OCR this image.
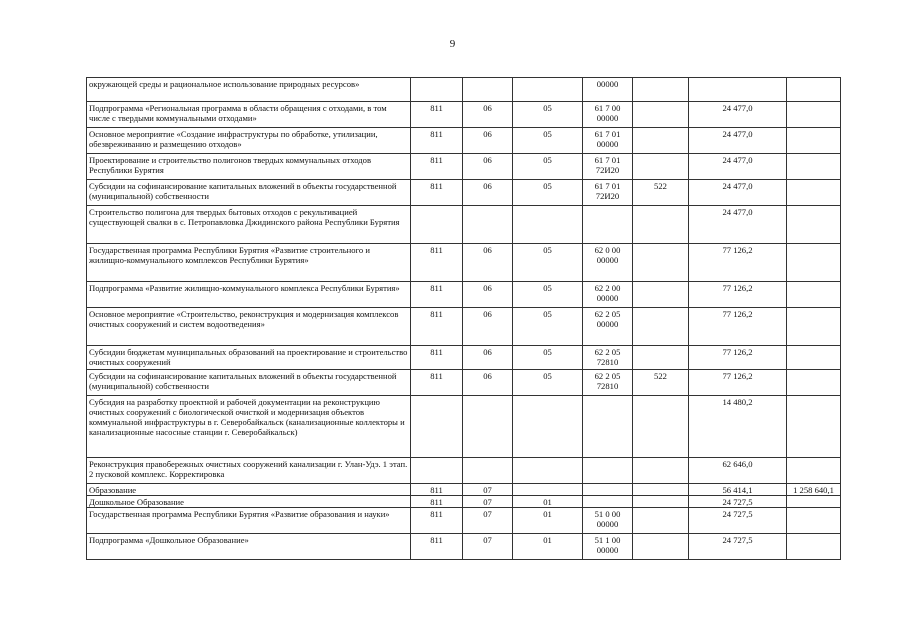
9
окружающей среды и рациональное использование природных ресурсов»				00000			
Подпрограмма «Региональная программа в области обращения с отходами, в том числе с твердыми коммунальными отходами»	811	06	05	61 7 00
00000		24 477,0	
Основное мероприятие «Создание инфраструктуры по обработке, утилизации, обезвреживанию и размещению отходов»	811	06	05	61 7 01
00000		24 477,0	
Проектирование и строительство полигонов твердых коммунальных отходов Республики Бурятия	811	06	05	61 7 01
72И20		24 477,0	
Субсидии на софинансирование капитальных вложений в объекты государственной (муниципальной) собственности	811	06	05	61 7 01
72И20	522	24 477,0	
Строительство полигона для твердых бытовых отходов с рекультивацией существующей свалки в с. Петропавловка Джидинского района Республики Бурятия						24 477,0	
Государственная программа Республики Бурятия «Развитие строительного и жилищно-коммунального комплексов Республики Бурятия»	811	06	05	62 0 00
00000		77 126,2	
Подпрограмма «Развитие жилищно-коммунального комплекса Республики Бурятия»	811	06	05	62 2 00
00000		77 126,2	
Основное мероприятие «Строительство, реконструкция и модернизация комплексов очистных сооружений и систем водоотведения»	811	06	05	62 2 05
00000		77 126,2	
Субсидии бюджетам муниципальных образований на проектирование и строительство очистных сооружений	811	06	05	62 2 05
72810		77 126,2	
Субсидии на софинансирование капитальных вложений в объекты государственной (муниципальной) собственности	811	06	05	62 2 05
72810	522	77 126,2	
Субсидия на разработку проектной и рабочей документации на реконструкцию очистных сооружений с биологической очисткой и модернизация объектов коммунальной инфраструктуры в г. Северобайкальск (канализационные коллекторы и канализационные насосные станции г. Северобайкальск)						14 480,2	
Реконструкция правобережных очистных сооружений канализации г. Улан-Удэ. 1 этап. 2 пусковой комплекс. Корректировка						62 646,0	
Образование	811	07				56 414,1	1 258 640,1
Дошкольное Образование	811	07	01			24 727,5	
Государственная программа Республики Бурятия «Развитие образования и науки»	811	07	01	51 0 00
00000		24 727,5	
Подпрограмма «Дошкольное Образование»	811	07	01	51 1 00
00000		24 727,5	
